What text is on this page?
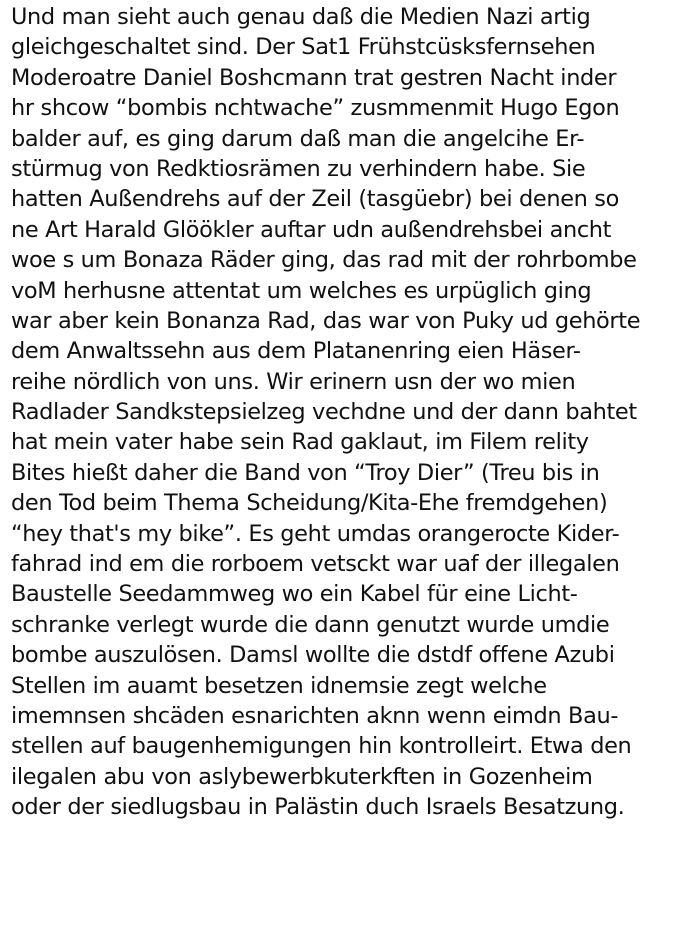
Und man sieht auch genau daß die Medien Nazi artig
gleichgeschaltet sind. Der Sat1 Frühstcüsksfernsehen
Moderoatre Daniel Boshcmann trat gestren Nacht inder
hr shcow “bombis nchtwache” zusmmenmit Hugo Egon
balder auf, es ging darum daß man die angelcihe Er-
stürmug von Redktiosrämen zu verhindern habe. Sie
hatten Außendrehs auf der Zeil (tasgüebr) bei denen so
ne Art Harald Glöökler auftar udn außendrehsbei ancht
woe s um Bonaza Räder ging, das rad mit der rohrbombe
voM herhusne attentat um welches es urpüglich ging
war aber kein Bonanza Rad, das war von Puky ud gehörte
dem Anwaltssehn aus dem Platanenring eien Häser-
reihe nördlich von uns. Wir erinern usn der wo mien
Radlader Sandkstepsielzeg vechdne und der dann bahtet
hat mein vater habe sein Rad gaklaut, im Filem relity
Bites hießt daher die Band von “Troy Dier” (Treu bis in
den Tod beim Thema Scheidung/Kita-Ehe fremdgehen)
“hey that's my bike”. Es geht umdas orangerocte Kider-
fahrad ind em die rorboem vetsckt war uaf der illegalen
Baustelle Seedammweg wo ein Kabel für eine Licht-
schranke verlegt wurde die dann genutzt wurde umdie
bombe auszulösen. Damsl wollte die dstdf offene Azubi
Stellen im auamt besetzen idnemsie zegt welche
imemnsen shcäden esnarichten aknn wenn eimdn Bau-
stellen auf baugenhemigungen hin kontrolleirt. Etwa den
ilegalen abu von aslybewerbkuterkften in Gozenheim
oder der siedlugsbau in Palästin duch Israels Besatzung.
